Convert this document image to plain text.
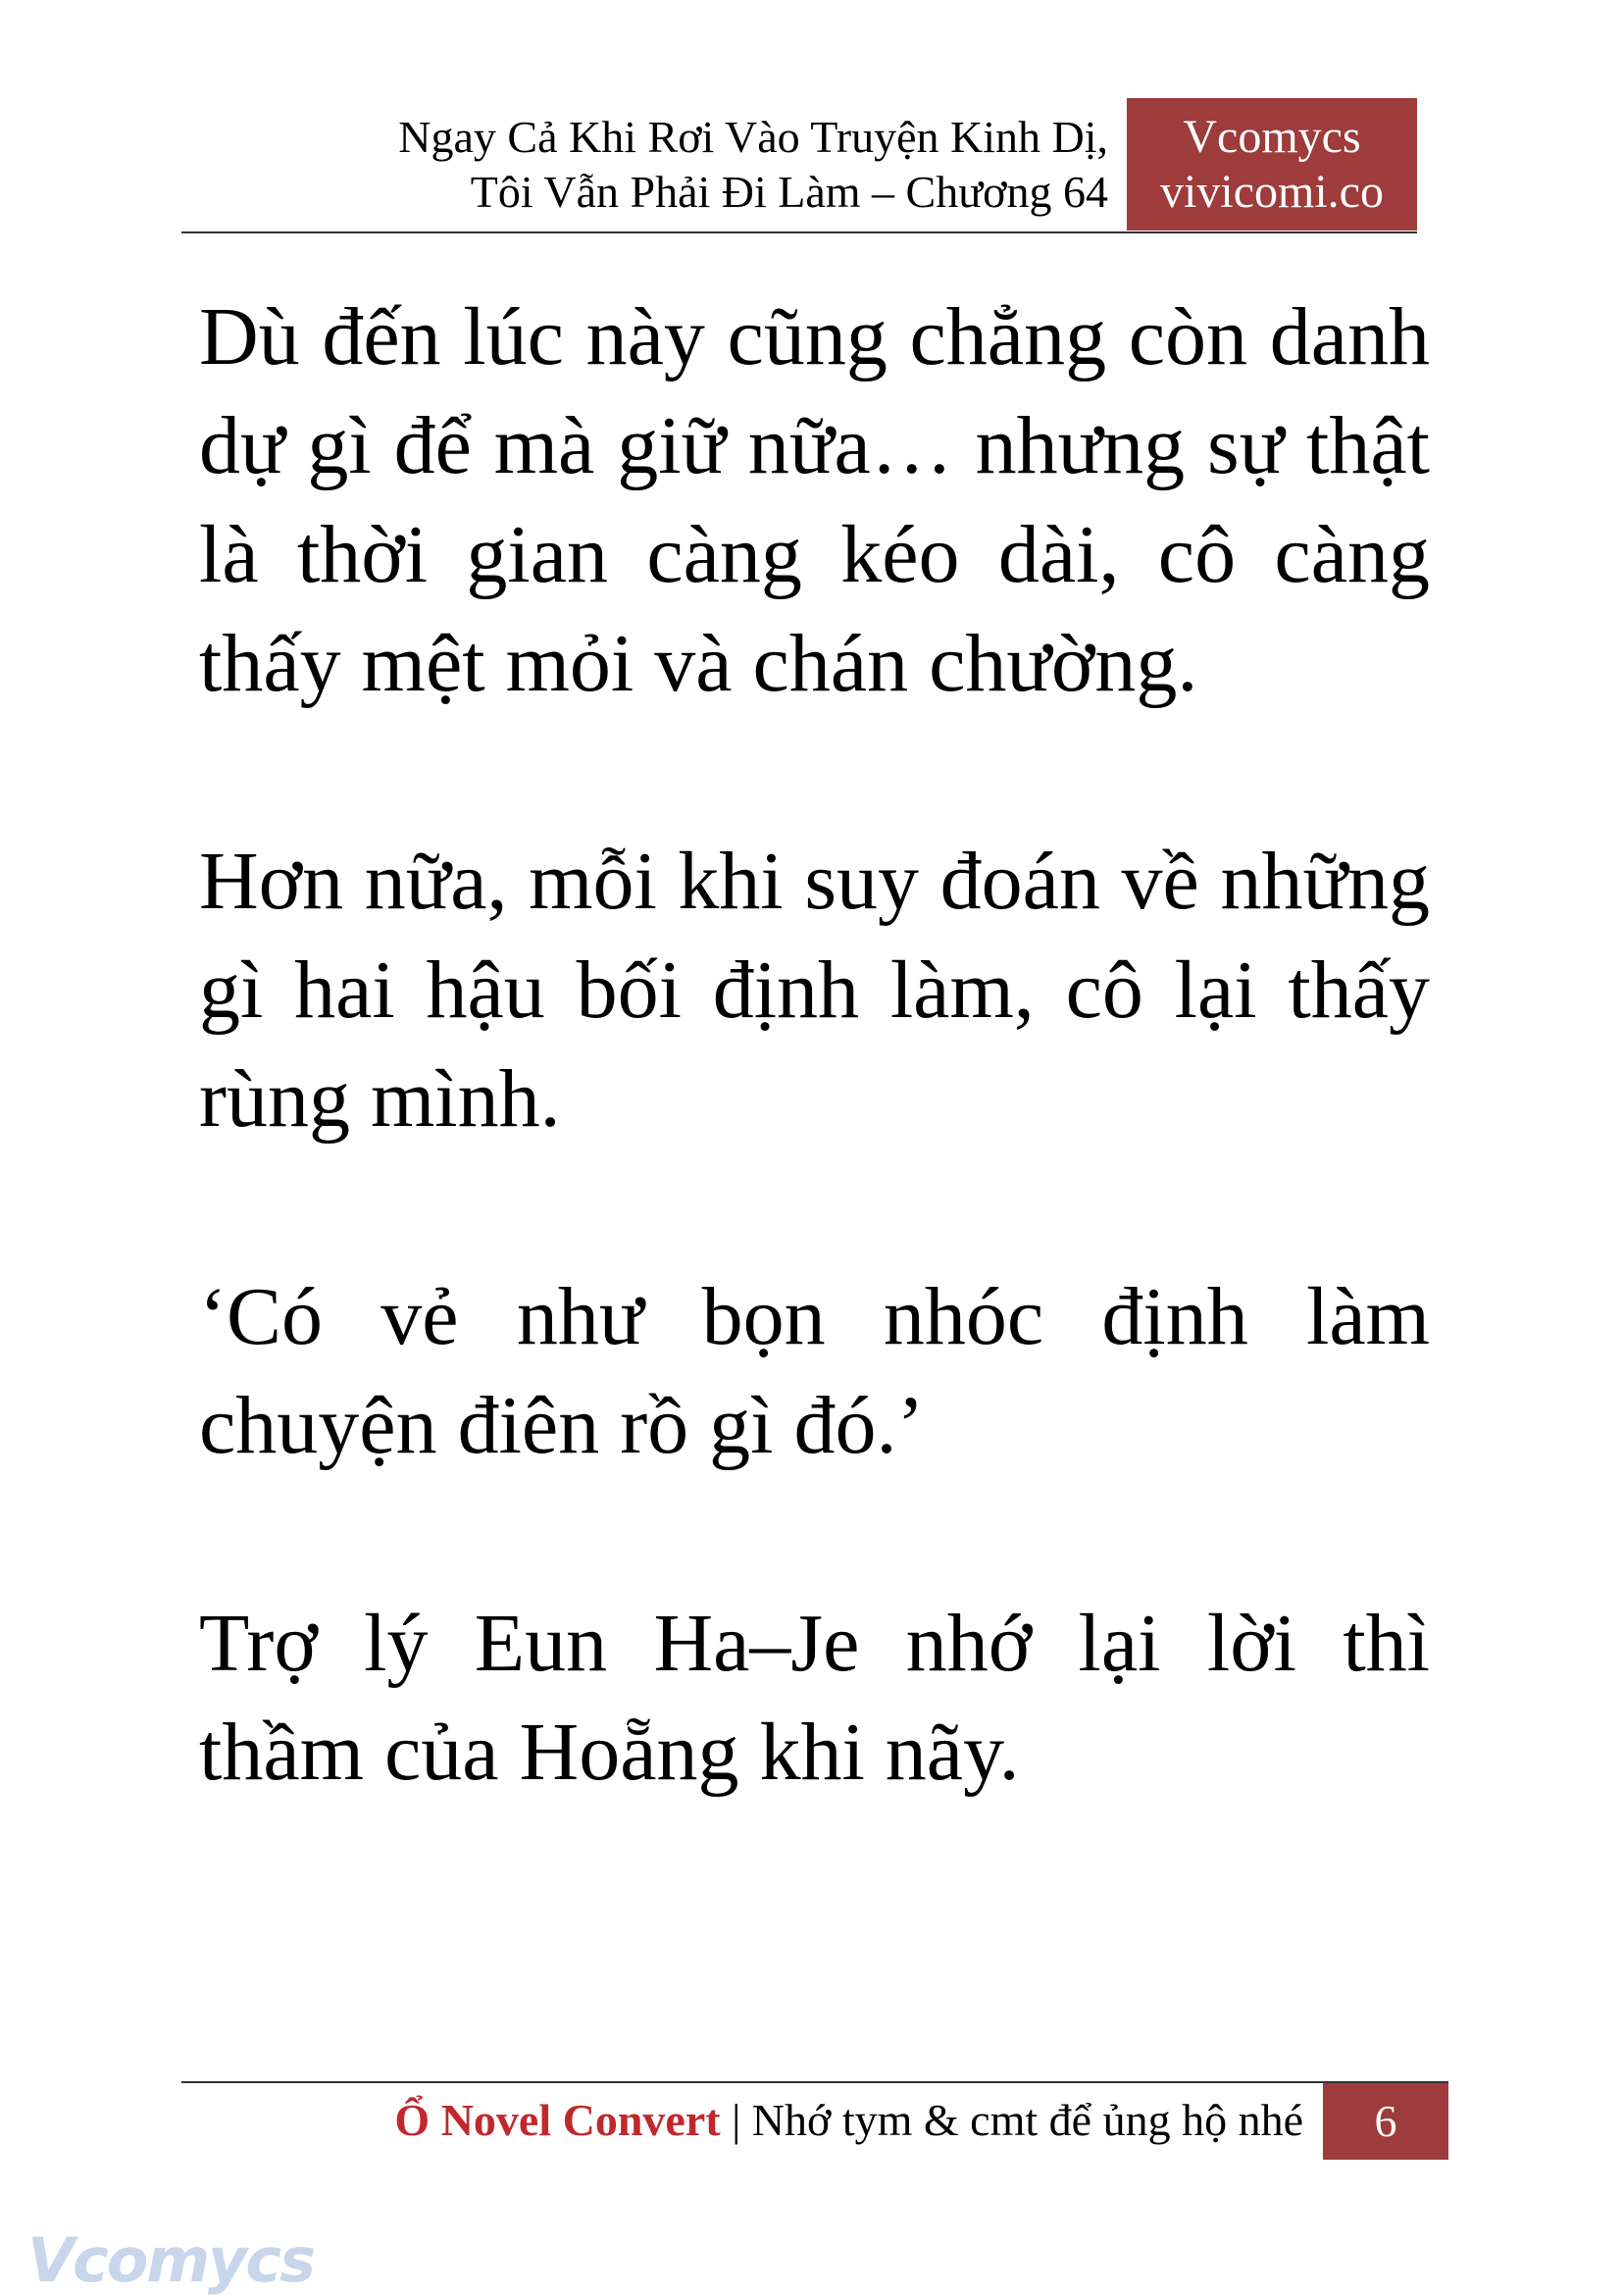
Ngay Cả Khi Rơi Vào Truyện Kinh Dị,
Tôi Vẫn Phải Đi Làm – Chương 64
Vcomycs
vivicomi.co

Dù đến lúc này cũng chẳng còn danh dự gì để mà giữ nữa… nhưng sự thật là thời gian càng kéo dài, cô càng thấy mệt mỏi và chán chường.

Hơn nữa, mỗi khi suy đoán về những gì hai hậu bối định làm, cô lại thấy rùng mình.

‘Có vẻ như bọn nhóc định làm chuyện điên rồ gì đó.’

Trợ lý Eun Ha–Je nhớ lại lời thì thầm của Hoẵng khi nãy.

Ổ Novel Convert | Nhớ tym & cmt để ủng hộ nhé	6
Vcomycs
